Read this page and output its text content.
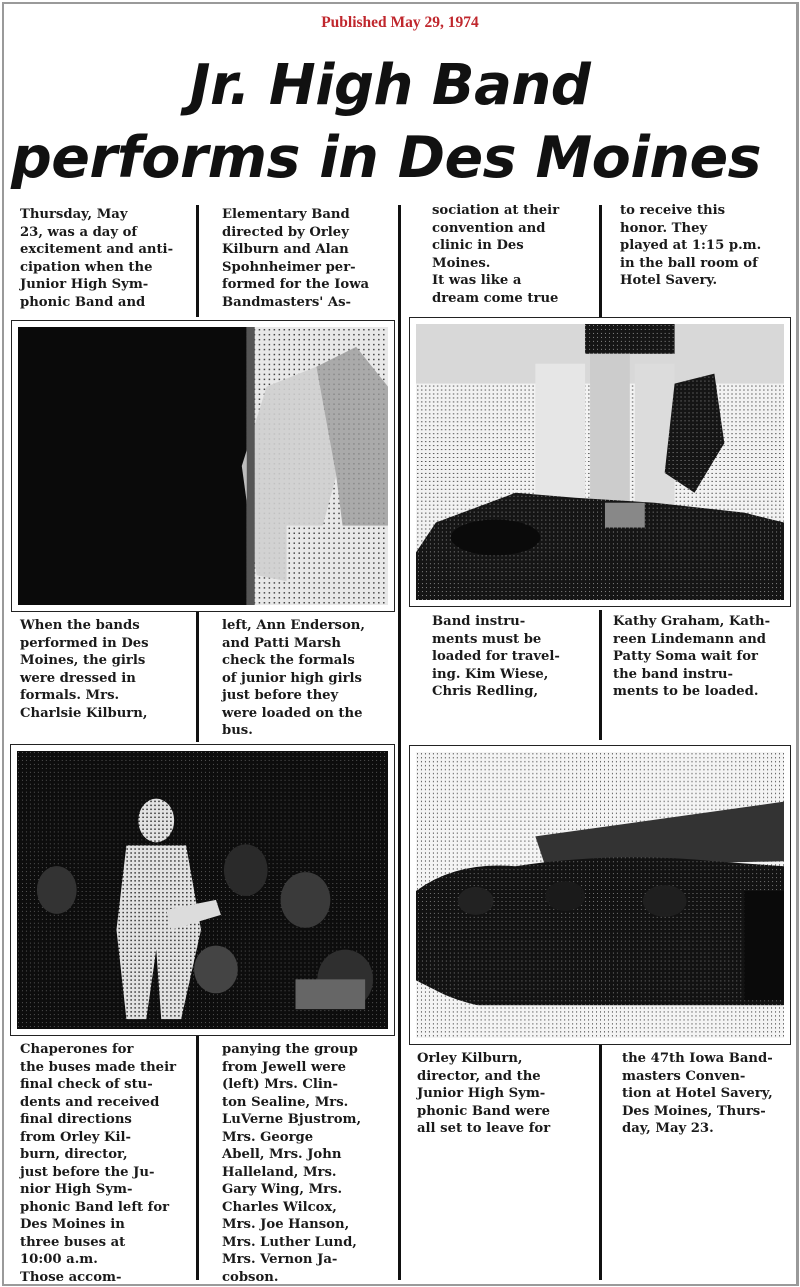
Published May 29, 1974
Jr. High Band
performs in Des Moines

Thursday, May
23, was a day of
excitement and anti-
cipation when the
Junior High Sym-
phonic Band and

Elementary Band
directed by Orley
Kilburn and Alan
Spohnheimer per-
formed for the Iowa
Bandmasters' As-

sociation at their
convention and
clinic in Des
Moines.
It was like a
dream come true

to receive this
honor. They
played at 1:15 p.m.
in the ball room of
Hotel Savery.

When the bands
performed in Des
Moines, the girls
were dressed in
formals. Mrs.
Charlsie Kilburn,

left, Ann Enderson,
and Patti Marsh
check the formals
of junior high girls
just before they
were loaded on the
bus.

Band instru-
ments must be
loaded for travel-
ing. Kim Wiese,
Chris Redling,

Kathy Graham, Kath-
reen Lindemann and
Patty Soma wait for
the band instru-
ments to be loaded.

Chaperones for
the buses made their
final check of stu-
dents and received
final directions
from Orley Kil-
burn, director,
just before the Ju-
nior High Sym-
phonic Band left for
Des Moines in
three buses at
10:00 a.m.
Those accom-

panying the group
from Jewell were
(left) Mrs. Clin-
ton Sealine, Mrs.
LuVerne Bjustrom,
Mrs. George
Abell, Mrs. John
Halleland, Mrs.
Gary Wing, Mrs.
Charles Wilcox,
Mrs. Joe Hanson,
Mrs. Luther Lund,
Mrs. Vernon Ja-
cobson.

Orley Kilburn,
director, and the
Junior High Sym-
phonic Band were
all set to leave for

the 47th Iowa Band-
masters Conven-
tion at Hotel Savery,
Des Moines, Thurs-
day, May 23.
